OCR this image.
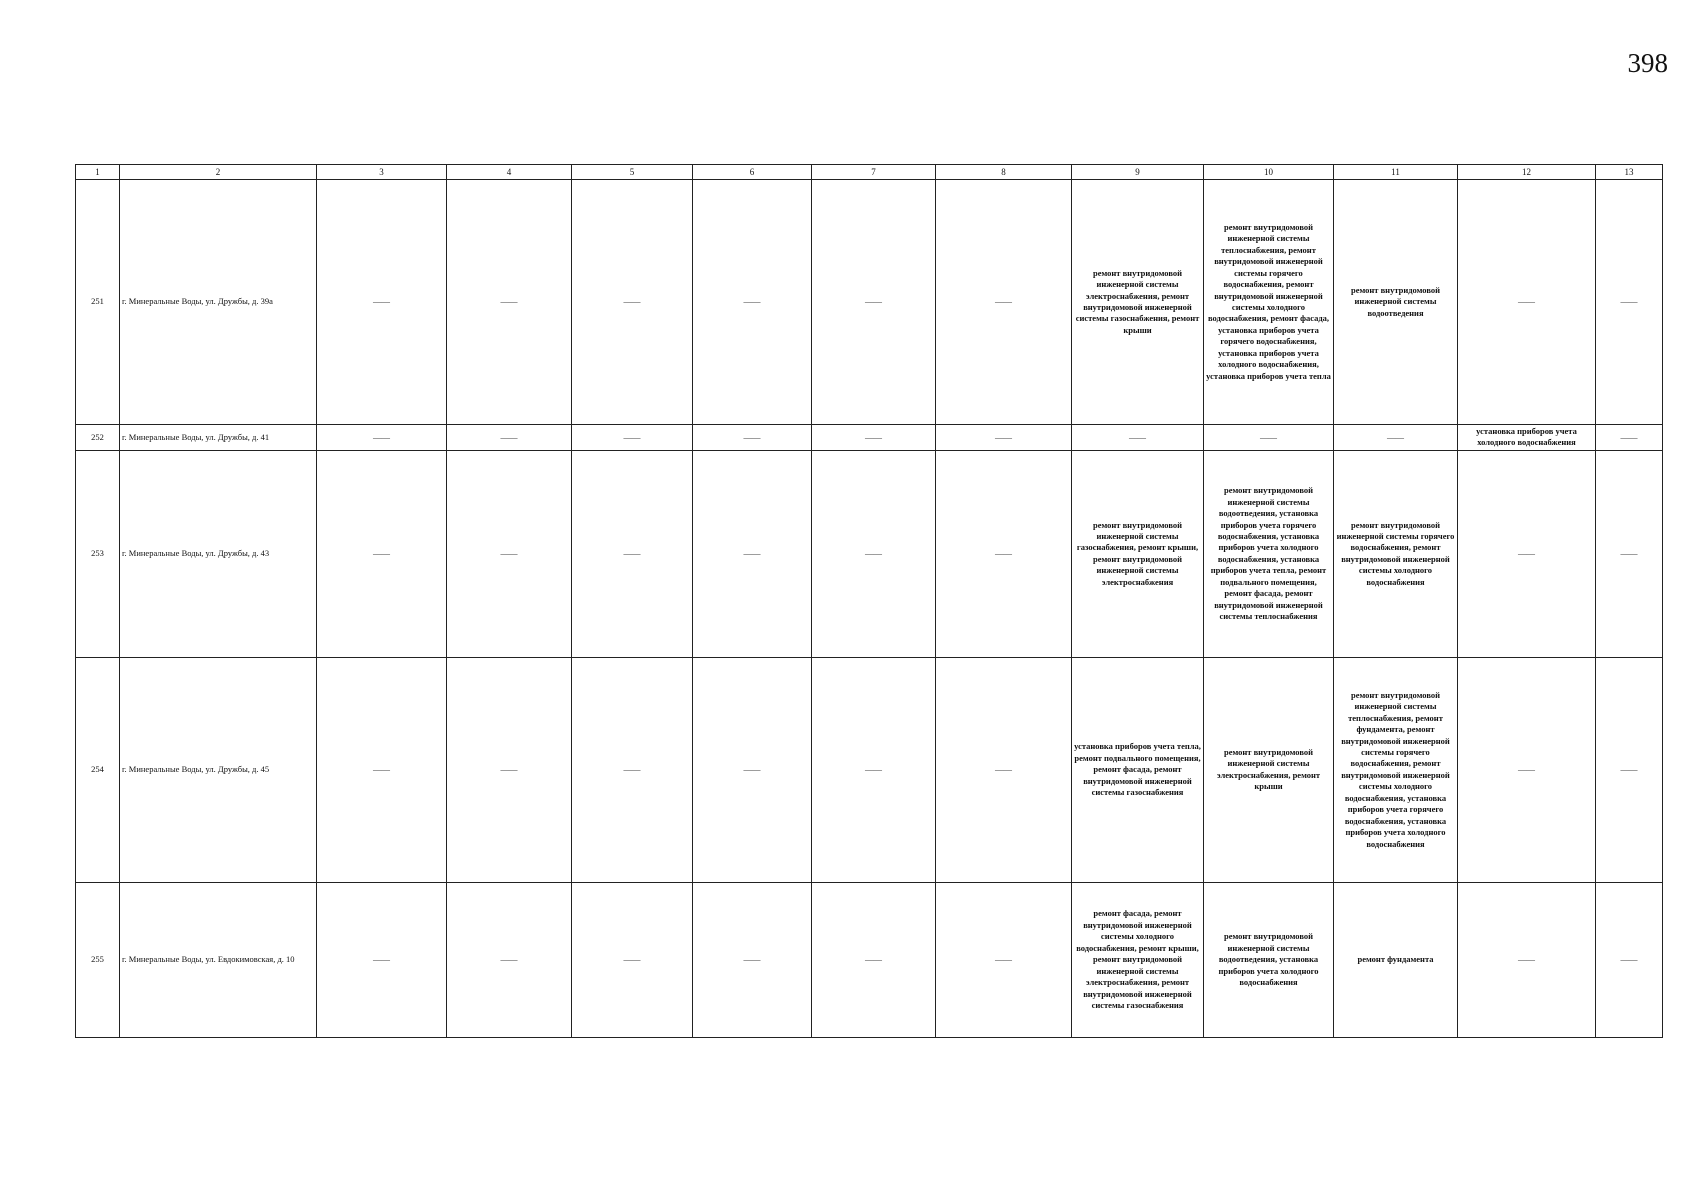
398
1	2	3	4	5	6	7	8	9	10	11	12	13
251	г. Минеральные Воды, ул. Дружбы, д. 39а	——	——	——	——	——	——	ремонт внутридомовой инженерной системы электроснабжения, ремонт внутридомовой инженерной системы газоснабжения, ремонт крыши	ремонт внутридомовой инженерной системы теплоснабжения, ремонт внутридомовой инженерной системы горячего водоснабжения, ремонт внутридомовой инженерной системы холодного водоснабжения, ремонт фасада, установка приборов учета горячего водоснабжения, установка приборов учета холодного водоснабжения, установка приборов учета тепла	ремонт внутридомовой инженерной системы водоотведения	——	——
252	г. Минеральные Воды, ул. Дружбы, д. 41	——	——	——	——	——	——	——	——	——	установка приборов учета холодного водоснабжения	——
253	г. Минеральные Воды, ул. Дружбы, д. 43	——	——	——	——	——	——	ремонт внутридомовой инженерной системы газоснабжения, ремонт крыши, ремонт внутридомовой инженерной системы электроснабжения	ремонт внутридомовой инженерной системы водоотведения, установка приборов учета горячего водоснабжения, установка приборов учета холодного водоснабжения, установка приборов учета тепла, ремонт подвального помещения, ремонт фасада, ремонт внутридомовой инженерной системы теплоснабжения	ремонт внутридомовой инженерной системы горячего водоснабжения, ремонт внутридомовой инженерной системы холодного водоснабжения	——	——
254	г. Минеральные Воды, ул. Дружбы, д. 45	——	——	——	——	——	——	установка приборов учета тепла, ремонт подвального помещения, ремонт фасада, ремонт внутридомовой инженерной системы газоснабжения	ремонт внутридомовой инженерной системы электроснабжения, ремонт крыши	ремонт внутридомовой инженерной системы теплоснабжения, ремонт фундамента, ремонт внутридомовой инженерной системы горячего водоснабжения, ремонт внутридомовой инженерной системы холодного водоснабжения, установка приборов учета горячего водоснабжения, установка приборов учета холодного водоснабжения	——	——
255	г. Минеральные Воды, ул. Евдокимовская, д. 10	——	——	——	——	——	——	ремонт фасада, ремонт внутридомовой инженерной системы холодного водоснабжения, ремонт крыши, ремонт внутридомовой инженерной системы электроснабжения, ремонт внутридомовой инженерной системы газоснабжения	ремонт внутридомовой инженерной системы водоотведения, установка приборов учета холодного водоснабжения	ремонт фундамента	——	——
